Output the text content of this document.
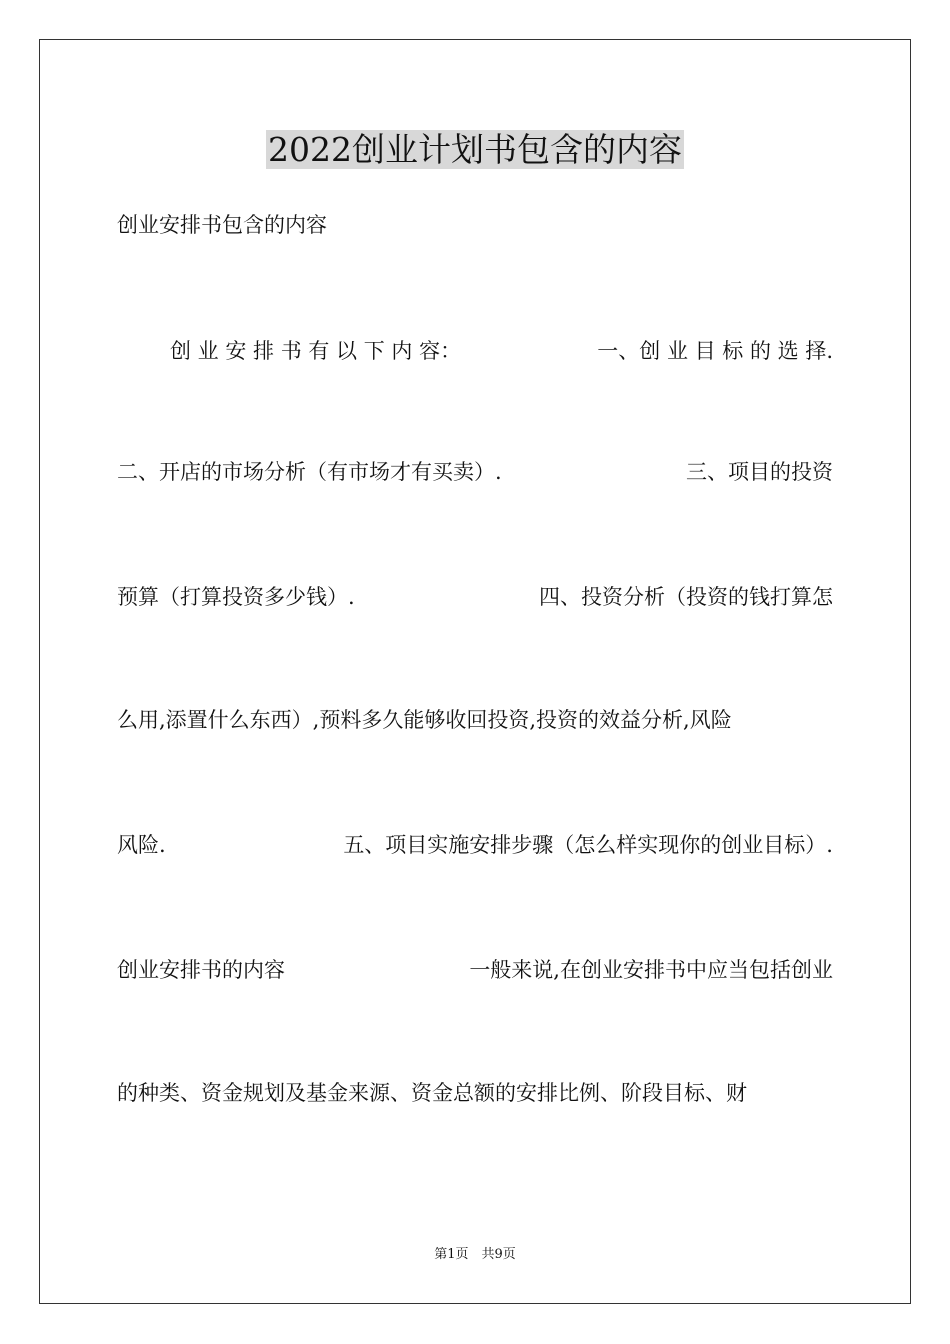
2022创业计划书包含的内容
创业安排书包含的内容
创 业 安 排 书 有 以 下 内 容：	一、创 业 目 标 的 选 择.
二、开店的市场分析（有市场才有买卖）.	三、项目的投资
预算（打算投资多少钱）.	四、投资分析（投资的钱打算怎
么用,添置什么东西）,预料多久能够收回投资,投资的效益分析,风险
风险.	五、项目实施安排步骤（怎么样实现你的创业目标）.
创业安排书的内容	一般来说,在创业安排书中应当包括创业
的种类、资金规划及基金来源、资金总额的安排比例、阶段目标、财
第1页　共9页
